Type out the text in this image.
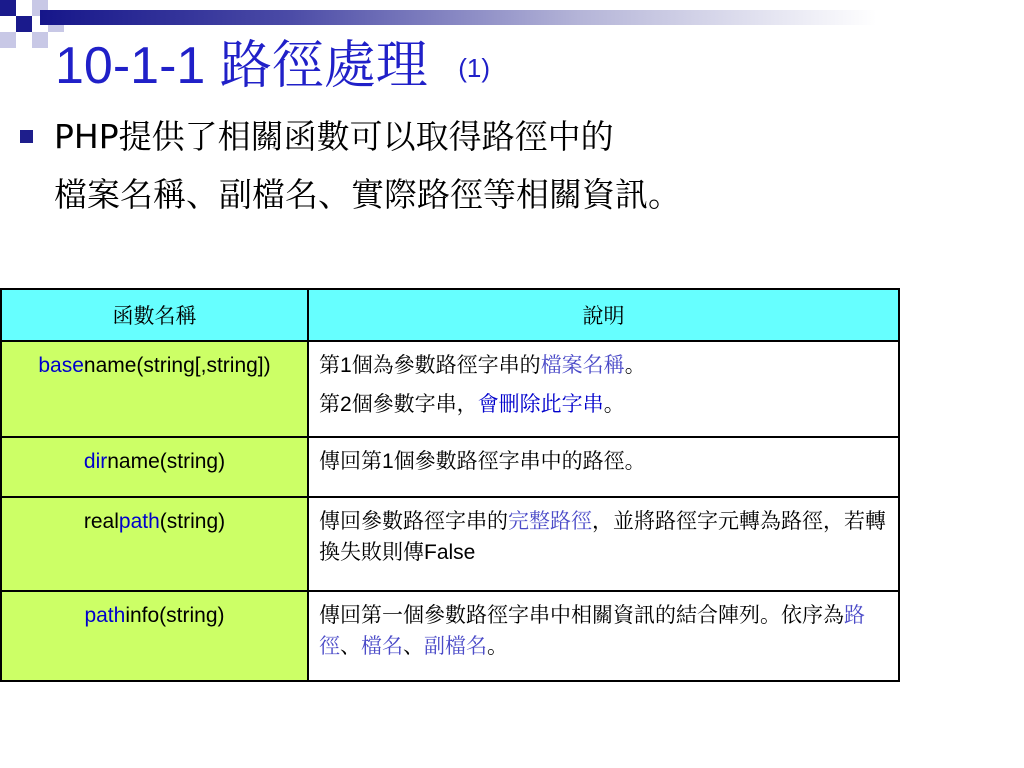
10-1-1 路徑處理 (1)
PHP提供了相關函數可以取得路徑中的
檔案名稱、副檔名、實際路徑等相關資訊。
函數名稱	說明
basename(string[,string])	第1個為參數路徑字串的檔案名稱。

第2個參數字串，會刪除此字串。

dirname(string)	傳回第1個參數路徑字串中的路徑。
realpath(string)	傳回參數路徑字串的完整路徑，並將路徑字元轉為路徑，若轉換失敗則傳False
pathinfo(string)	傳回第一個參數路徑字串中相關資訊的結合陣列。依序為路徑、檔名、副檔名。
